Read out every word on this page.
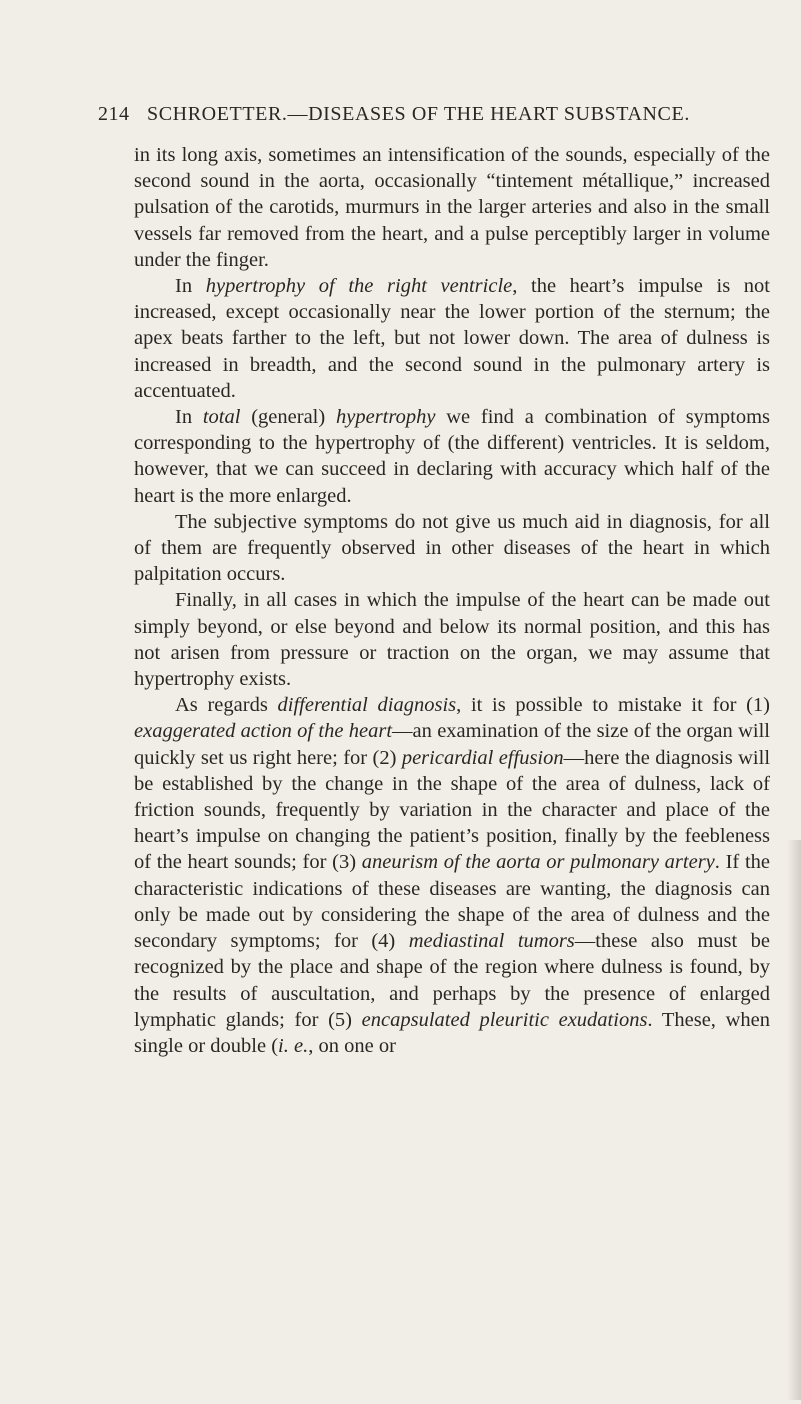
214 SCHROETTER.—DISEASES OF THE HEART SUBSTANCE.

in its long axis, sometimes an intensification of the sounds, especially of the second sound in the aorta, occasionally “tintement métallique,” increased pulsation of the carotids, murmurs in the larger arteries and also in the small vessels far removed from the heart, and a pulse perceptibly larger in volume under the finger.

In hypertrophy of the right ventricle, the heart’s impulse is not increased, except occasionally near the lower portion of the sternum; the apex beats farther to the left, but not lower down. The area of dulness is increased in breadth, and the second sound in the pulmonary artery is accentuated.

In total (general) hypertrophy we find a combination of symptoms corresponding to the hypertrophy of (the different) ventricles. It is seldom, however, that we can succeed in declaring with accuracy which half of the heart is the more enlarged.

The subjective symptoms do not give us much aid in diagnosis, for all of them are frequently observed in other diseases of the heart in which palpitation occurs.

Finally, in all cases in which the impulse of the heart can be made out simply beyond, or else beyond and below its normal position, and this has not arisen from pressure or traction on the organ, we may assume that hypertrophy exists.

As regards differential diagnosis, it is possible to mistake it for (1) exaggerated action of the heart—an examination of the size of the organ will quickly set us right here; for (2) pericardial effusion—here the diagnosis will be established by the change in the shape of the area of dulness, lack of friction sounds, frequently by variation in the character and place of the heart’s impulse on changing the patient’s position, finally by the feebleness of the heart sounds; for (3) aneurism of the aorta or pulmonary artery. If the characteristic indications of these diseases are wanting, the diagnosis can only be made out by considering the shape of the area of dulness and the secondary symptoms; for (4) mediastinal tumors—these also must be recognized by the place and shape of the region where dulness is found, by the results of auscultation, and perhaps by the presence of enlarged lymphatic glands; for (5) encapsulated pleuritic exudations. These, when single or double (i. e., on one or
